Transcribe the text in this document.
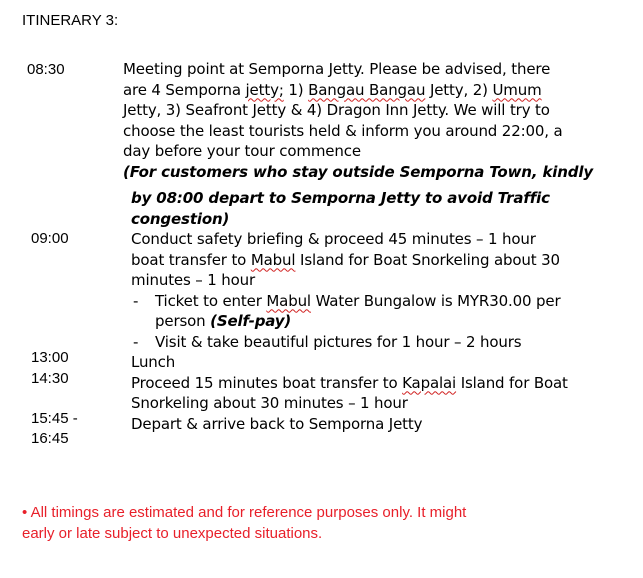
ITINERARY 3:
08:30
09:00
13:00
14:30
15:45 -
16:45
Meeting point at Semporna Jetty. Please be advised, there
are 4 Semporna jetty; 1) Bangau Bangau Jetty, 2) Umum
Jetty, 3) Seafront Jetty & 4) Dragon Inn Jetty. We will try to
choose the least tourists held & inform you around 22:00, a
day before your tour commence
(For customers who stay outside Semporna Town, kindly
by 08:00 depart to Semporna Jetty to avoid Traffic
congestion)
Conduct safety briefing & proceed 45 minutes – 1 hour
boat transfer to Mabul Island for Boat Snorkeling about 30
minutes – 1 hour
- Ticket to enter Mabul Water Bungalow is MYR30.00 per
person (Self-pay)
- Visit & take beautiful pictures for 1 hour – 2 hours
Lunch
Proceed 15 minutes boat transfer to Kapalai Island for Boat
Snorkeling about 30 minutes – 1 hour
Depart & arrive back to Semporna Jetty
• All timings are estimated and for reference purposes only. It might
early or late subject to unexpected situations.
